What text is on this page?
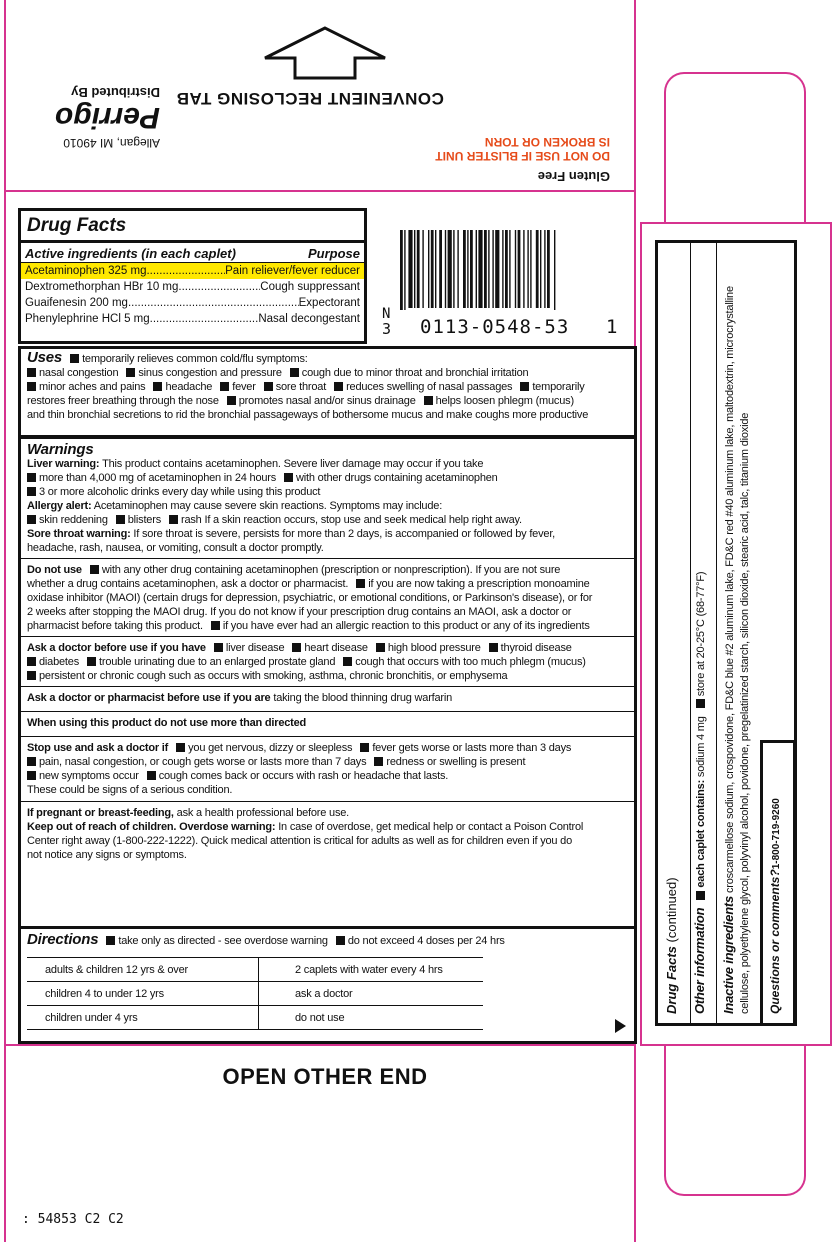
Gluten Free
DO NOT USE IF BLISTER UNIT
IS BROKEN OR TORN
CONVENIENT RECLOSING TAB
Allegan, MI 49010
Perrigo
Distributed By
N
3 0113-0548-53 1
Drug Facts
Active ingredients (in each caplet)	Purpose
Acetaminophen 325 mg .....	Pain reliever/fever reducer
Dextromethorphan HBr 10 mg .....	Cough suppressant
Guaifenesin 200 mg .....	Expectorant
Phenylephrine HCl 5 mg .....	Nasal decongestant
Uses temporarily relieves common cold/flu symptoms:
nasal congestion sinus congestion and pressure cough due to minor throat and bronchial irritation
minor aches and pains headache fever sore throat reduces swelling of nasal passages temporarily
restores freer breathing through the nose promotes nasal and/or sinus drainage helps loosen phlegm (mucus)
and thin bronchial secretions to rid the bronchial passageways of bothersome mucus and make coughs more productive
Warnings
Liver warning: This product contains acetaminophen. Severe liver damage may occur if you take
more than 4,000 mg of acetaminophen in 24 hours with other drugs containing acetaminophen
3 or more alcoholic drinks every day while using this product
Allergy alert: Acetaminophen may cause severe skin reactions. Symptoms may include:
skin reddening blisters rash If a skin reaction occurs, stop use and seek medical help right away.
Sore throat warning: If sore throat is severe, persists for more than 2 days, is accompanied or followed by fever,
headache, rash, nausea, or vomiting, consult a doctor promptly.
Do not use with any other drug containing acetaminophen (prescription or nonprescription). If you are not sure
whether a drug contains acetaminophen, ask a doctor or pharmacist. if you are now taking a prescription monoamine
oxidase inhibitor (MAOI) (certain drugs for depression, psychiatric, or emotional conditions, or Parkinson's disease), or for
2 weeks after stopping the MAOI drug. If you do not know if your prescription drug contains an MAOI, ask a doctor or
pharmacist before taking this product. if you have ever had an allergic reaction to this product or any of its ingredients
Ask a doctor before use if you have liver disease heart disease high blood pressure thyroid disease
diabetes trouble urinating due to an enlarged prostate gland cough that occurs with too much phlegm (mucus)
persistent or chronic cough such as occurs with smoking, asthma, chronic bronchitis, or emphysema
Ask a doctor or pharmacist before use if you are taking the blood thinning drug warfarin
When using this product do not use more than directed
Stop use and ask a doctor if you get nervous, dizzy or sleepless fever gets worse or lasts more than 3 days
pain, nasal congestion, or cough gets worse or lasts more than 7 days redness or swelling is present
new symptoms occur cough comes back or occurs with rash or headache that lasts.
These could be signs of a serious condition.
If pregnant or breast-feeding, ask a health professional before use.
Keep out of reach of children. Overdose warning: In case of overdose, get medical help or contact a Poison Control
Center right away (1-800-222-1222). Quick medical attention is critical for adults as well as for children even if you do
not notice any signs or symptoms.
Directions take only as directed - see overdose warning do not exceed 4 doses per 24 hrs
adults & children 12 yrs & over	2 caplets with water every 4 hrs
children 4 to under 12 yrs	ask a doctor
children under 4 yrs	do not use
OPEN OTHER END
: 54853 C2 C2
Drug Facts (continued) Other informationeach caplet contains: sodium 4 mgstore at 20-25°C (68-77°F)
Inactive ingredients croscarmellose sodium, crospovidone, FD&C blue #2 aluminum lake, FD&C red #40 aluminum lake, maltodextrin, microcrystalline cellulose, polyethylene glycol, polyvinyl alcohol, povidone, pregelatinized starch, silicon dioxide, stearic acid, talc, titanium dioxide Questions or comments?1-800-719-9260
